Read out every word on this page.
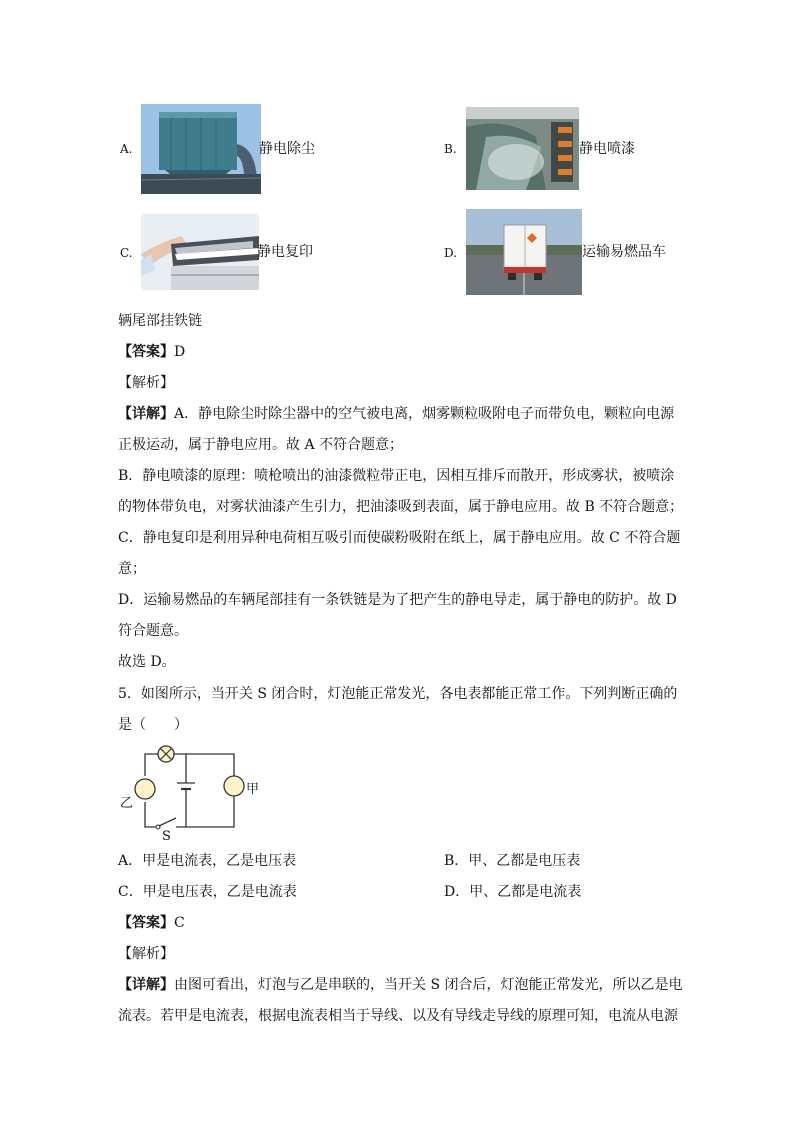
A.	静电除尘	B.	静电喷漆
C.	静电复印	D.	运输易燃品车
辆尾部挂铁链
【答案】D
【解析】
【详解】A．静电除尘时除尘器中的空气被电离，烟雾颗粒吸附电子而带负电，颗粒向电源
正极运动，属于静电应用。故 A 不符合题意；
B．静电喷漆的原理：喷枪喷出的油漆微粒带正电，因相互排斥而散开，形成雾状，被喷涂
的物体带负电，对雾状油漆产生引力，把油漆吸到表面，属于静电应用。故 B 不符合题意；
C．静电复印是利用异种电荷相互吸引而使碳粉吸附在纸上，属于静电应用。故 C 不符合题
意；
D．运输易燃品的车辆尾部挂有一条铁链是为了把产生的静电导走，属于静电的防护。故 D
符合题意。
故选 D。
5．如图所示，当开关 S 闭合时，灯泡能正常发光，各电表都能正常工作。下列判断正确的
是（　　）
乙
甲
S
A．甲是电流表，乙是电压表	B．甲、乙都是电压表
C．甲是电压表，乙是电流表	D．甲、乙都是电流表
【答案】C
【解析】
【详解】由图可看出，灯泡与乙是串联的，当开关 S 闭合后，灯泡能正常发光，所以乙是电
流表。若甲是电流表，根据电流表相当于导线、以及有导线走导线的原理可知，电流从电源
